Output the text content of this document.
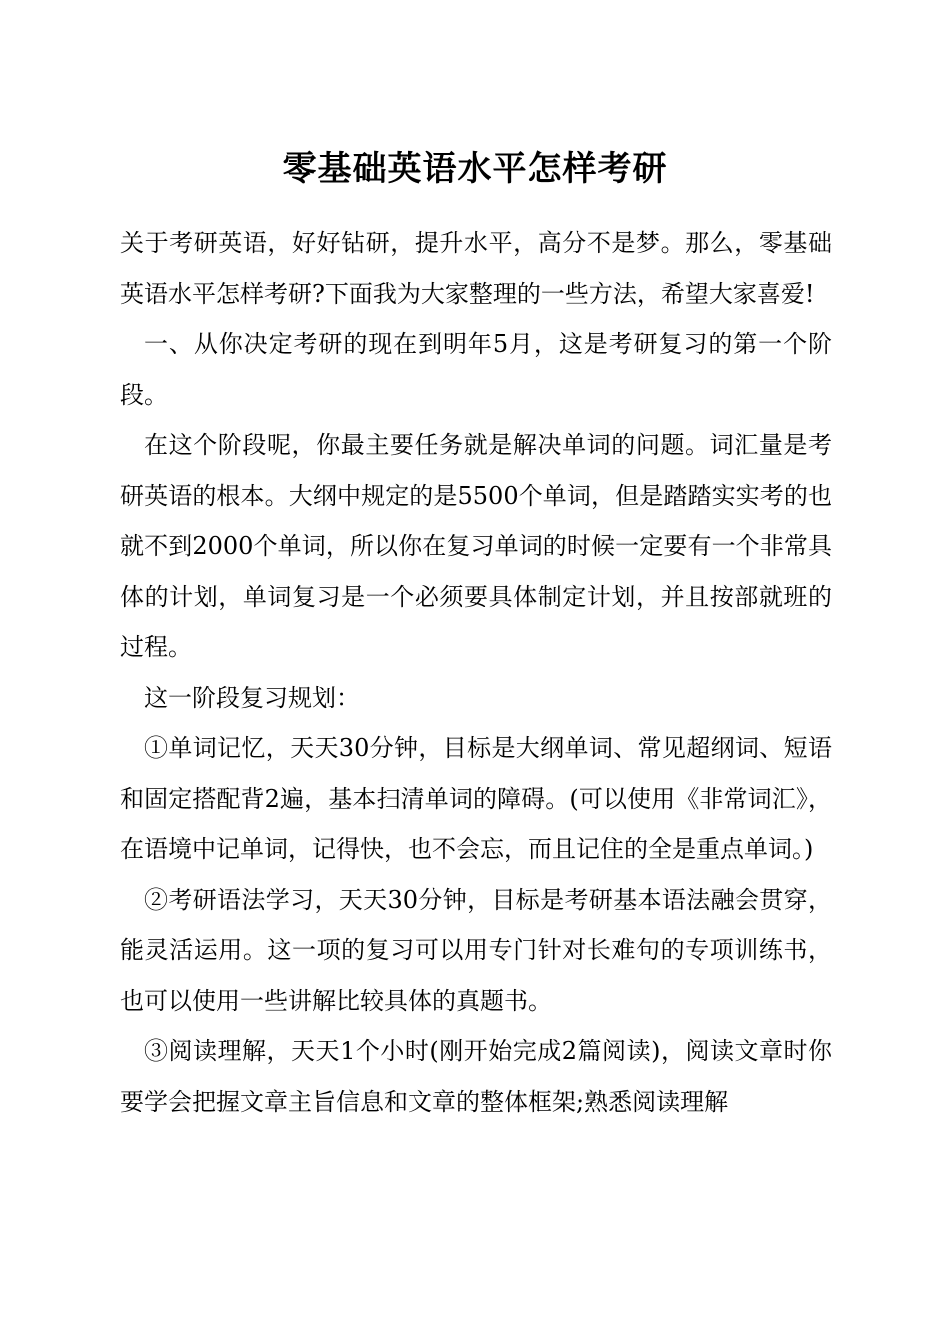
零基础英语水平怎样考研

关于考研英语，好好钻研，提升水平，高分不是梦。那么，零基础英语水平怎样考研?下面我为大家整理的一些方法，希望大家喜爱!

一、从你决定考研的现在到明年5月，这是考研复习的第一个阶段。

在这个阶段呢，你最主要任务就是解决单词的问题。词汇量是考研英语的根本。大纲中规定的是5500个单词，但是踏踏实实考的也就不到2000个单词，所以你在复习单词的时候一定要有一个非常具体的计划，单词复习是一个必须要具体制定计划，并且按部就班的过程。

这一阶段复习规划：

①单词记忆，天天30分钟，目标是大纲单词、常见超纲词、短语和固定搭配背2遍，基本扫清单词的障碍。(可以使用《非常词汇》，在语境中记单词，记得快，也不会忘，而且记住的全是重点单词。)

②考研语法学习，天天30分钟，目标是考研基本语法融会贯穿，能灵活运用。这一项的复习可以用专门针对长难句的专项训练书，也可以使用一些讲解比较具体的真题书。

③阅读理解，天天1个小时(刚开始完成2篇阅读)，阅读文章时你要学会把握文章主旨信息和文章的整体框架;熟悉阅读理解
